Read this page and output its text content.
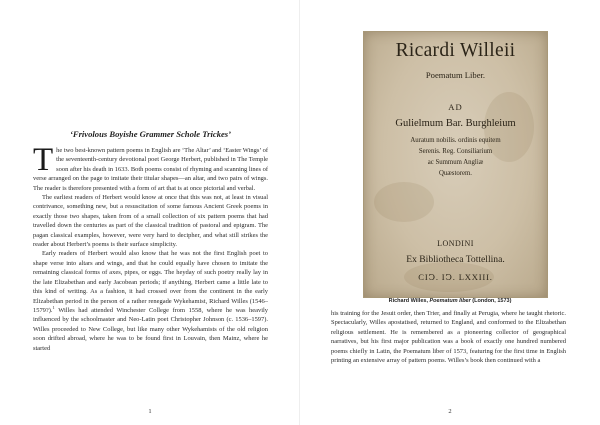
‘Frivolous Boyishe Grammer Schole Trickes’

The two best-known pattern poems in English are ‘The Altar’ and ‘Easter Wings’ of the seventeenth-century devotional poet George Herbert, published in The Temple soon after his death in 1633. Both poems consist of rhyming and scanning lines of verse arranged on the page to imitate their titular shapes—an altar, and two pairs of wings. The reader is therefore presented with a form of art that is at once pictorial and verbal.

The earliest readers of Herbert would know at once that this was not, at least in visual contrivance, something new, but a resuscitation of some famous Ancient Greek poems in exactly those two shapes, taken from of a small collection of six pattern poems that had travelled down the centuries as part of the classical tradition of pastoral and epigram. The pagan classical examples, however, were very hard to decipher, and what still strikes the reader about Herbert’s poems is their surface simplicity.

Early readers of Herbert would also know that he was not the first English poet to shape verse into altars and wings, and that he could equally have chosen to imitate the remaining classical forms of axes, pipes, or eggs. The heyday of such poetry really lay in the late Elizabethan and early Jacobean periods; if anything, Herbert came a little late to this kind of writing. As a fashion, it had crossed over from the continent in the early Elizabethan period in the person of a rather renegade Wykehamist, Richard Willes (1546–1579?).$^1$ Willes had attended Winchester College from 1558, where he was heavily influenced by the schoolmaster and Neo-Latin poet Christopher Johnson (c. 1536–1597). Willes proceeded to New College, but like many other Wykehamists of the old religion soon drifted abroad, where he was to be found first in Louvain, then Mainz, where he started

1
Ricardi Willeii
Poematum Liber.
AD
Gulielmum Bar. Burghleium
Auratum nobilis. ordinis equitem
Serenis. Reg. Consiliarium
ac Summum Angliæ
Quæstorem.
LONDINI
Ex Bibliotheca Tottellina.
CIↃ. IↃ. LXXIII.
Richard Willes, Poematum liber (London, 1573)
his training for the Jesuit order, then Trier, and finally at Perugia, where he taught rhetoric. Spectacularly, Willes apostatised, returned to England, and conformed to the Elizabethan religious settlement. He is remembered as a pioneering collector of geographical narratives, but his first major publication was a book of exactly one hundred numbered poems chiefly in Latin, the Poematum liber of 1573, featuring for the first time in English printing an extensive array of pattern poems. Willes’s book then continued with a
2
